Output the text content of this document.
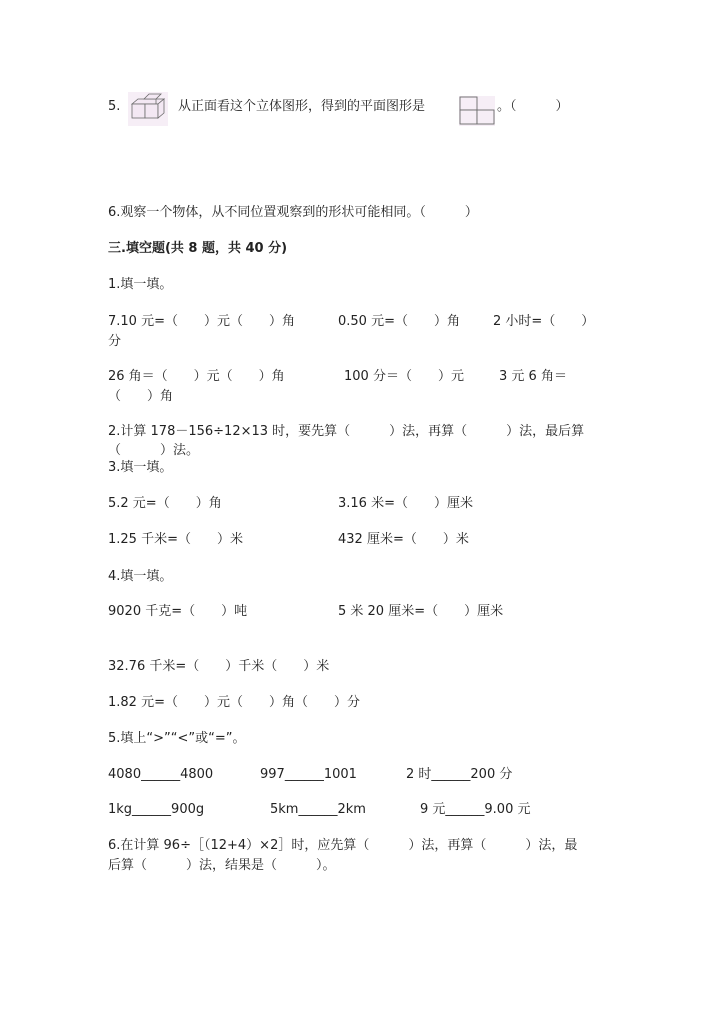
5.	从正面看这个立体图形，得到的平面图形是	。（　　　）
6.观察一个物体，从不同位置观察到的形状可能相同。（　　　）
三.填空题(共 8 题，共 40 分)
1.填一填。
7.10 元=（　　）元（　　）角	0.50 元=（　　）角	2 小时=（　　）
分
26 角＝（　　）元（　　）角	100 分＝（　　）元	3 元 6 角＝
（　　）角
2.计算 178－156÷12×13 时，要先算（　　　）法，再算（　　　）法，最后算
（　　　）法。
3.填一填。
5.2 元=（　　）角	3.16 米=（　　）厘米
1.25 千米=（　　）米	432 厘米=（　　）米
4.填一填。
9020 千克=（　　）吨	5 米 20 厘米=（　　）厘米
32.76 千米=（　　）千米（　　）米
1.82 元=（　　）元（　　）角（　　）分
5.填上“>”“<”或“=”。
4080______4800	997______1001	2 时______200 分
1kg______900g	5km______2km	9 元______9.00 元
6.在计算 96÷［（12+4）×2］时，应先算（　　　）法，再算（　　　）法，最
后算（　　　）法，结果是（　　　）。
